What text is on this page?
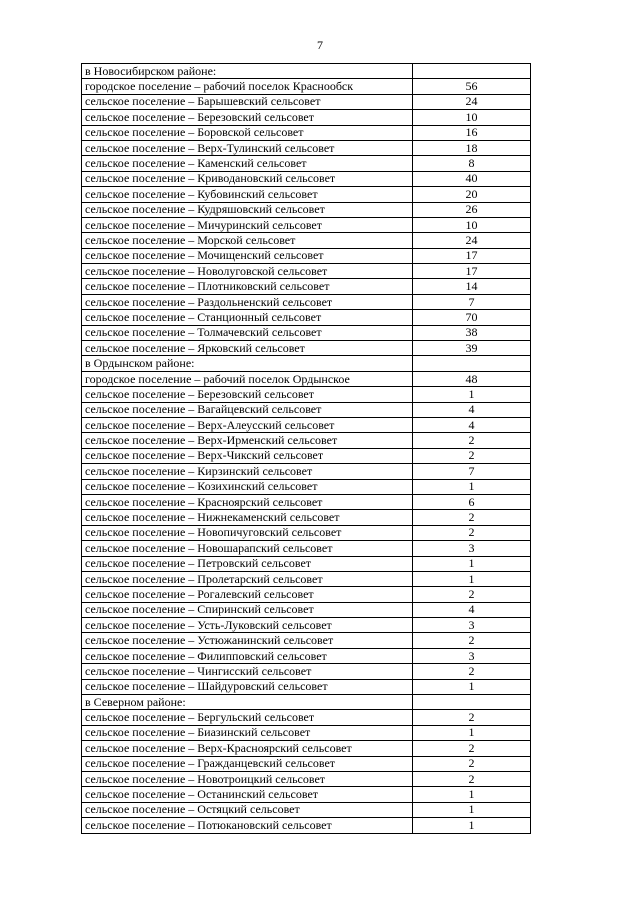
7
в Новосибирском районе:	
городское поселение – рабочий поселок Краснообск	56
сельское поселение – Барышевский сельсовет	24
сельское поселение – Березовский сельсовет	10
сельское поселение – Боровской сельсовет	16
сельское поселение – Верх-Тулинский сельсовет	18
сельское поселение – Каменский сельсовет	8
сельское поселение – Криводановский сельсовет	40
сельское поселение – Кубовинский сельсовет	20
сельское поселение – Кудряшовский сельсовет	26
сельское поселение – Мичуринский сельсовет	10
сельское поселение – Морской сельсовет	24
сельское поселение – Мочищенский сельсовет	17
сельское поселение – Новолуговской сельсовет	17
сельское поселение – Плотниковский сельсовет	14
сельское поселение – Раздольненский сельсовет	7
сельское поселение – Станционный сельсовет	70
сельское поселение – Толмачевский сельсовет	38
сельское поселение – Ярковский сельсовет	39
в Ордынском районе:	
городское поселение – рабочий поселок Ордынское	48
сельское поселение – Березовский сельсовет	1
сельское поселение – Вагайцевский сельсовет	4
сельское поселение – Верх-Алеусский сельсовет	4
сельское поселение – Верх-Ирменский сельсовет	2
сельское поселение – Верх-Чикский сельсовет	2
сельское поселение – Кирзинский сельсовет	7
сельское поселение – Козихинский сельсовет	1
сельское поселение – Красноярский сельсовет	6
сельское поселение – Нижнекаменский сельсовет	2
сельское поселение – Новопичуговский сельсовет	2
сельское поселение – Новошарапский сельсовет	3
сельское поселение – Петровский сельсовет	1
сельское поселение – Пролетарский сельсовет	1
сельское поселение – Рогалевский сельсовет	2
сельское поселение – Спиринский сельсовет	4
сельское поселение – Усть-Луковский сельсовет	3
сельское поселение – Устюжанинский сельсовет	2
сельское поселение – Филипповский сельсовет	3
сельское поселение – Чингисский сельсовет	2
сельское поселение – Шайдуровский сельсовет	1
в Северном районе:	
сельское поселение – Бергульский сельсовет	2
сельское поселение – Биазинский сельсовет	1
сельское поселение – Верх-Красноярский сельсовет	2
сельское поселение – Гражданцевский сельсовет	2
сельское поселение – Новотроицкий сельсовет	2
сельское поселение – Останинский сельсовет	1
сельское поселение – Остяцкий сельсовет	1
сельское поселение – Потюкановский сельсовет	1
